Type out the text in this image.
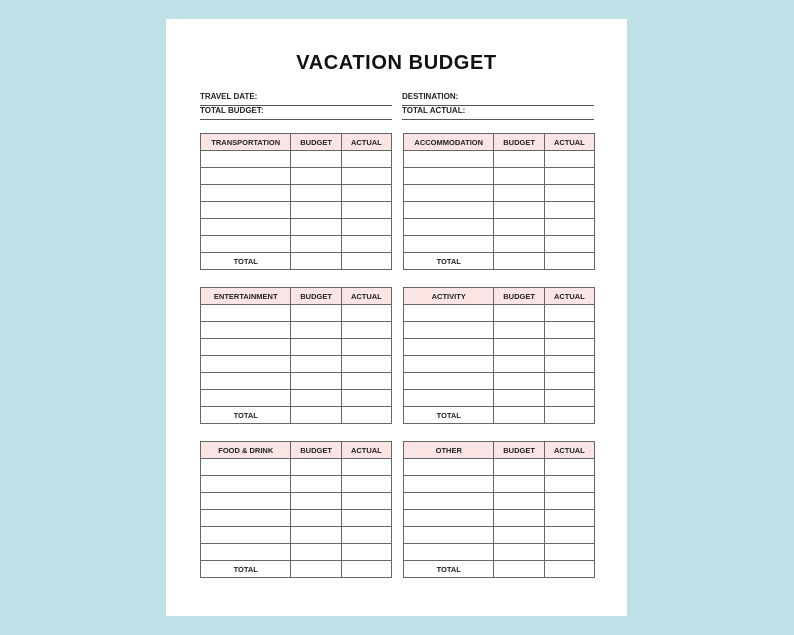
VACATION BUDGET
TRAVEL DATE:	DESTINATION:
TOTAL BUDGET:	TOTAL ACTUAL:
TRANSPORTATION	BUDGET	ACTUAL

TOTAL		
ACCOMMODATION	BUDGET	ACTUAL

TOTAL		
ENTERTAINMENT	BUDGET	ACTUAL

TOTAL		
ACTIVITY	BUDGET	ACTUAL

TOTAL		
FOOD & DRINK	BUDGET	ACTUAL

TOTAL		
OTHER	BUDGET	ACTUAL

TOTAL		
